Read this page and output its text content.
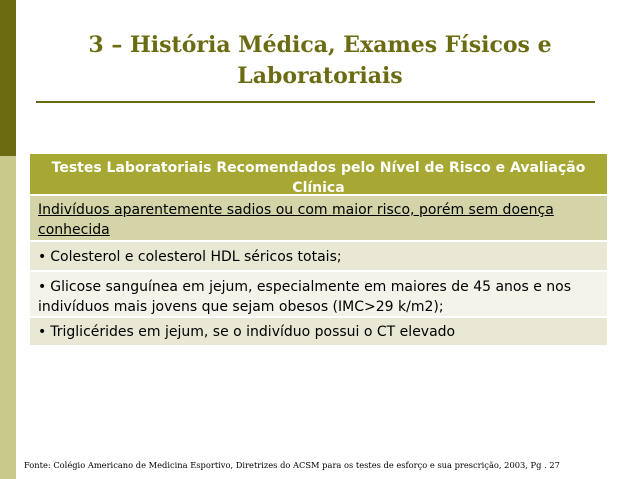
3 – História Médica, Exames Físicos e
Laboratoriais
Testes Laboratoriais Recomendados pelo Nível de Risco e Avaliação Clínica
Indivíduos aparentemente sadios ou com maior risco, porém sem doença conhecida
• Colesterol e colesterol HDL séricos totais;
• Glicose sanguínea em jejum, especialmente em maiores de 45 anos e nos indivíduos mais jovens que sejam obesos (IMC>29 k/m2);
• Triglicérides em jejum, se o indivíduo possui o CT elevado
Fonte: Colégio Americano de Medicina Esportivo, Diretrizes do ACSM para os testes de esforço e sua prescrição, 2003, Pg . 27
